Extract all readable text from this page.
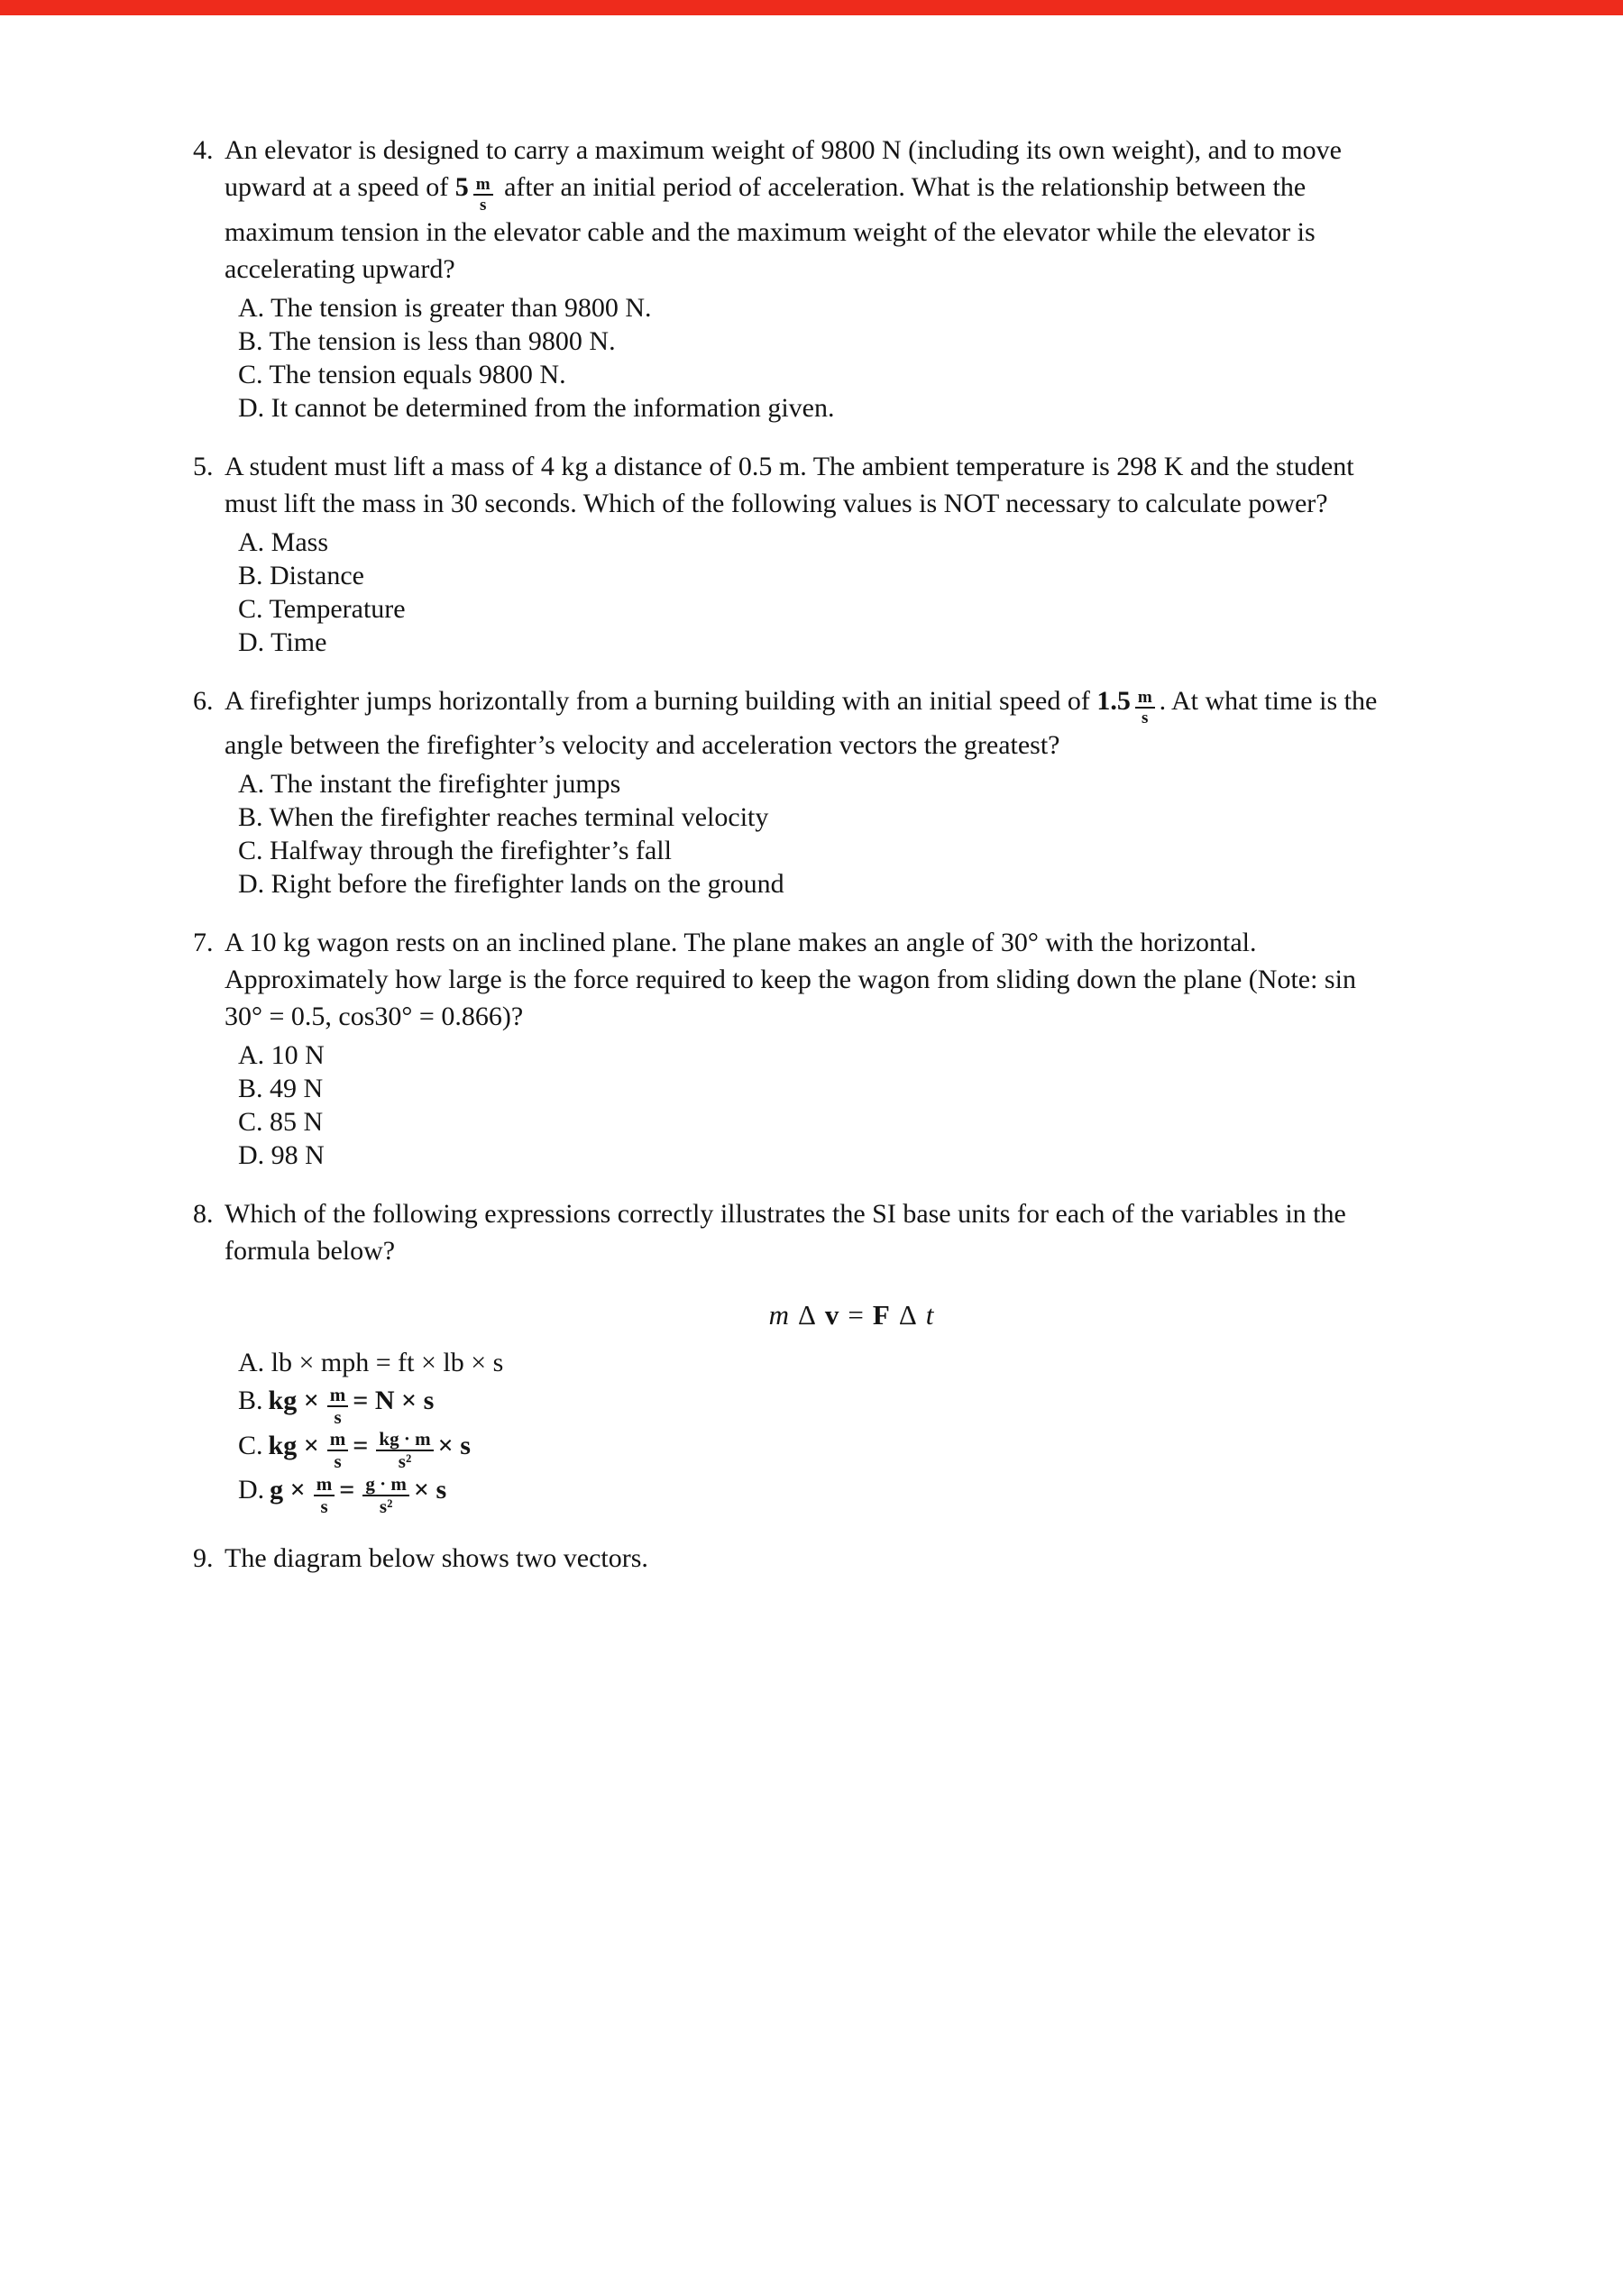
4. An elevator is designed to carry a maximum weight of 9800 N (including its own weight), and to move
upward at a speed of $5 \frac{m}{s}$ after an initial period of acceleration. What is the relationship between the
maximum tension in the elevator cable and the maximum weight of the elevator while the elevator is
accelerating upward?
A. The tension is greater than 9800 N.
B. The tension is less than 9800 N.
C. The tension equals 9800 N.
D. It cannot be determined from the information given.
5. A student must lift a mass of 4 kg a distance of 0.5 m. The ambient temperature is 298 K and the student
must lift the mass in 30 seconds. Which of the following values is NOT necessary to calculate power?
A. Mass
B. Distance
C. Temperature
D. Time
6. A firefighter jumps horizontally from a burning building with an initial speed of $1.5 \frac{m}{s}$ . At what time is the
angle between the firefighter’s velocity and acceleration vectors the greatest?
A. The instant the firefighter jumps
B. When the firefighter reaches terminal velocity
C. Halfway through the firefighter’s fall
D. Right before the firefighter lands on the ground
7. A 10 kg wagon rests on an inclined plane. The plane makes an angle of 30° with the horizontal.
Approximately how large is the force required to keep the wagon from sliding down the plane (Note: sin
30° = 0.5, cos30° = 0.866)?
A. 10 N
B. 49 N
C. 85 N
D. 98 N
8. Which of the following expressions correctly illustrates the SI base units for each of the variables in the
formula below?
m Δ v = F Δ t
A. lb × mph = ft × lb × s
B. kg × $\frac{m}{s} = N \times s$
C. kg × $\frac{m}{s} = \frac{kg \cdot m}{\text{s²}} \times s$
D. $g \times \frac{m}{s} = \frac{g \cdot m}{\text{s²}} \times s$
9. The diagram below shows two vectors.
